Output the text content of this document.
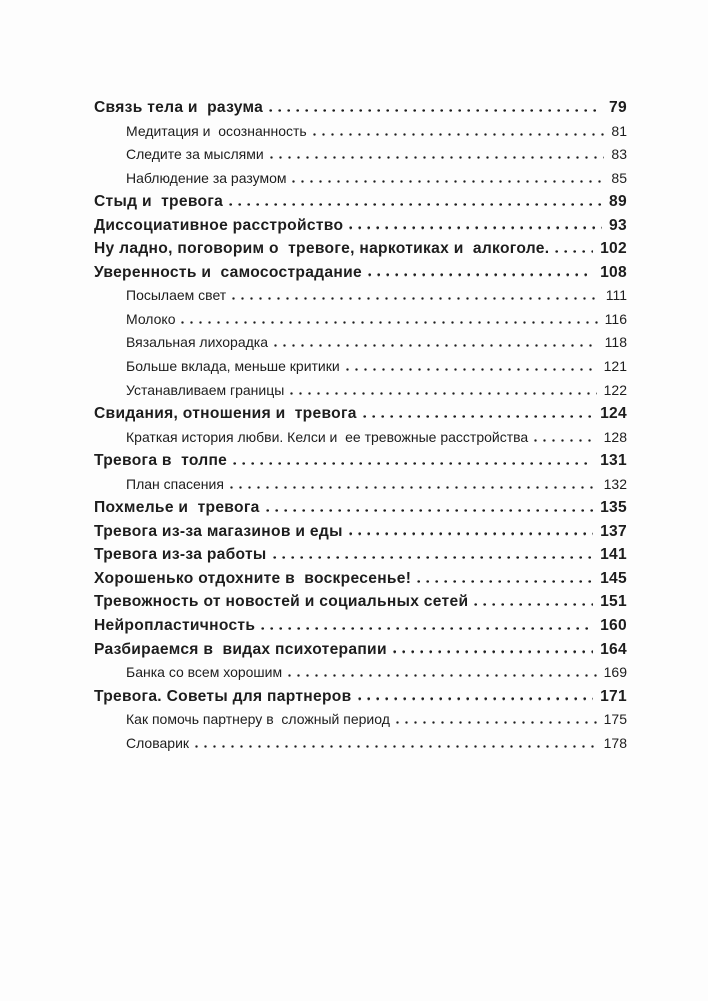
Связь тела и  разума	79
Медитация и  осознанность	81
Следите за мыслями	83
Наблюдение за разумом	85
Стыд и  тревога	89
Диссоциативное расстройство	93
Ну ладно, поговорим о  тревоге, наркотиках и  алкоголе.	102
Уверенность и  самосострадание	108
Посылаем свет	111
Молоко	116
Вязальная лихорадка	118
Больше вклада, меньше критики	121
Устанавливаем границы	122
Свидания, отношения и  тревога	124
Краткая история любви. Келси и  ее тревожные расстройства	128
Тревога в  толпе	131
План спасения	132
Похмелье и  тревога	135
Тревога из-за магазинов и еды	137
Тревога из-за работы	141
Хорошенько отдохните в  воскресенье!	145
Тревожность от новостей и социальных сетей	151
Нейропластичность	160
Разбираемся в  видах психотерапии	164
Банка со всем хорошим	169
Тревога. Советы для партнеров	171
Как помочь партнеру в  сложный период	175
Словарик	178
